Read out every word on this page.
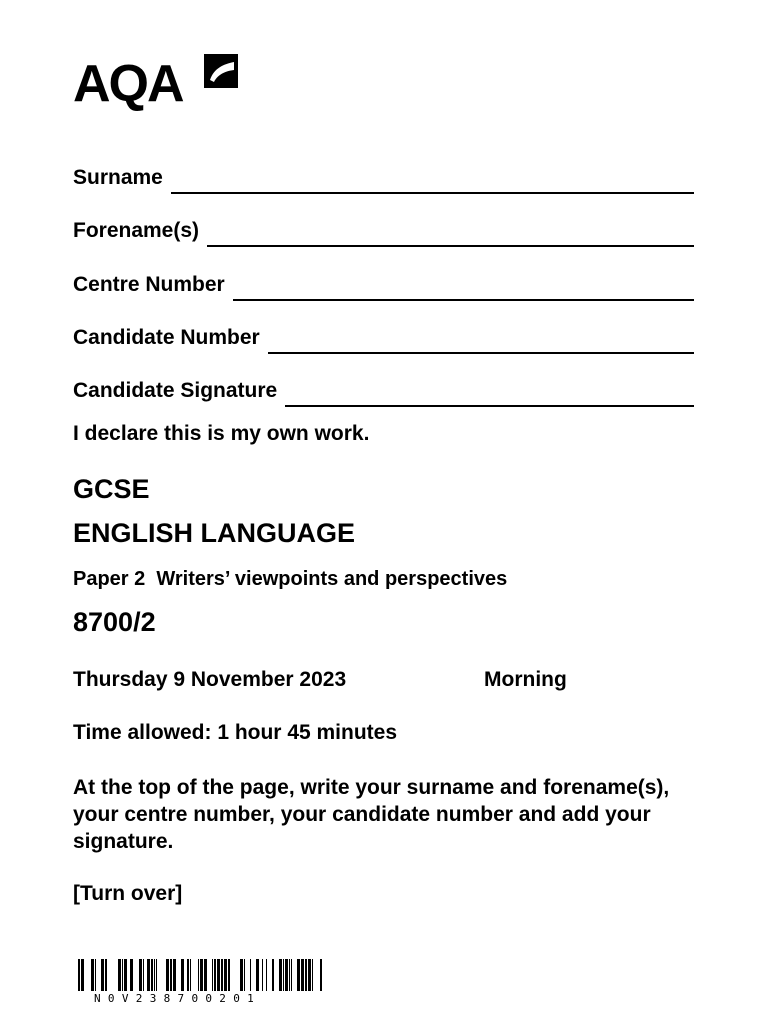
AQA
Surname
Forename(s)
Centre Number
Candidate Number
Candidate Signature
I declare this is my own work.
GCSE
ENGLISH LANGUAGE
Paper 2  Writers’ viewpoints and perspectives
8700/2
Thursday 9 November 2023	Morning
Time allowed: 1 hour 45 minutes
At the top of the page, write your surname and forename(s), your centre number, your candidate number and add your signature.
[Turn over]
N0V238700201
